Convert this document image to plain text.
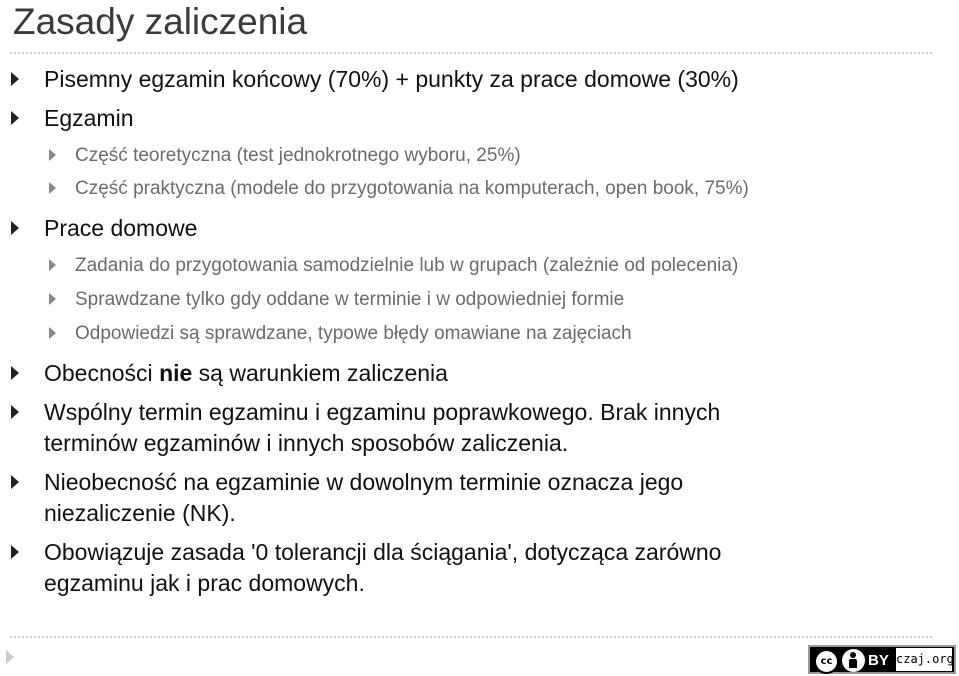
Zasady zaliczenia
Pisemny egzamin końcowy (70%) + punkty za prace domowe (30%)
Egzamin
Część teoretyczna (test jednokrotnego wyboru, 25%)
Część praktyczna (modele do przygotowania na komputerach, open book, 75%)
Prace domowe
Zadania do przygotowania samodzielnie lub w grupach (zależnie od polecenia)
Sprawdzane tylko gdy oddane w terminie i w odpowiedniej formie
Odpowiedzi są sprawdzane, typowe błędy omawiane na zajęciach
Obecności nie są warunkiem zaliczenia
Wspólny termin egzaminu i egzaminu poprawkowego. Brak innych
terminów egzaminów i innych sposobów zaliczenia.
Nieobecność na egzaminie w dowolnym terminie oznacza jego
niezaliczenie (NK).
Obowiązuje zasada '0 tolerancji dla ściągania', dotycząca zarówno
egzaminu jak i prac domowych.
cc	BY czaj.org
